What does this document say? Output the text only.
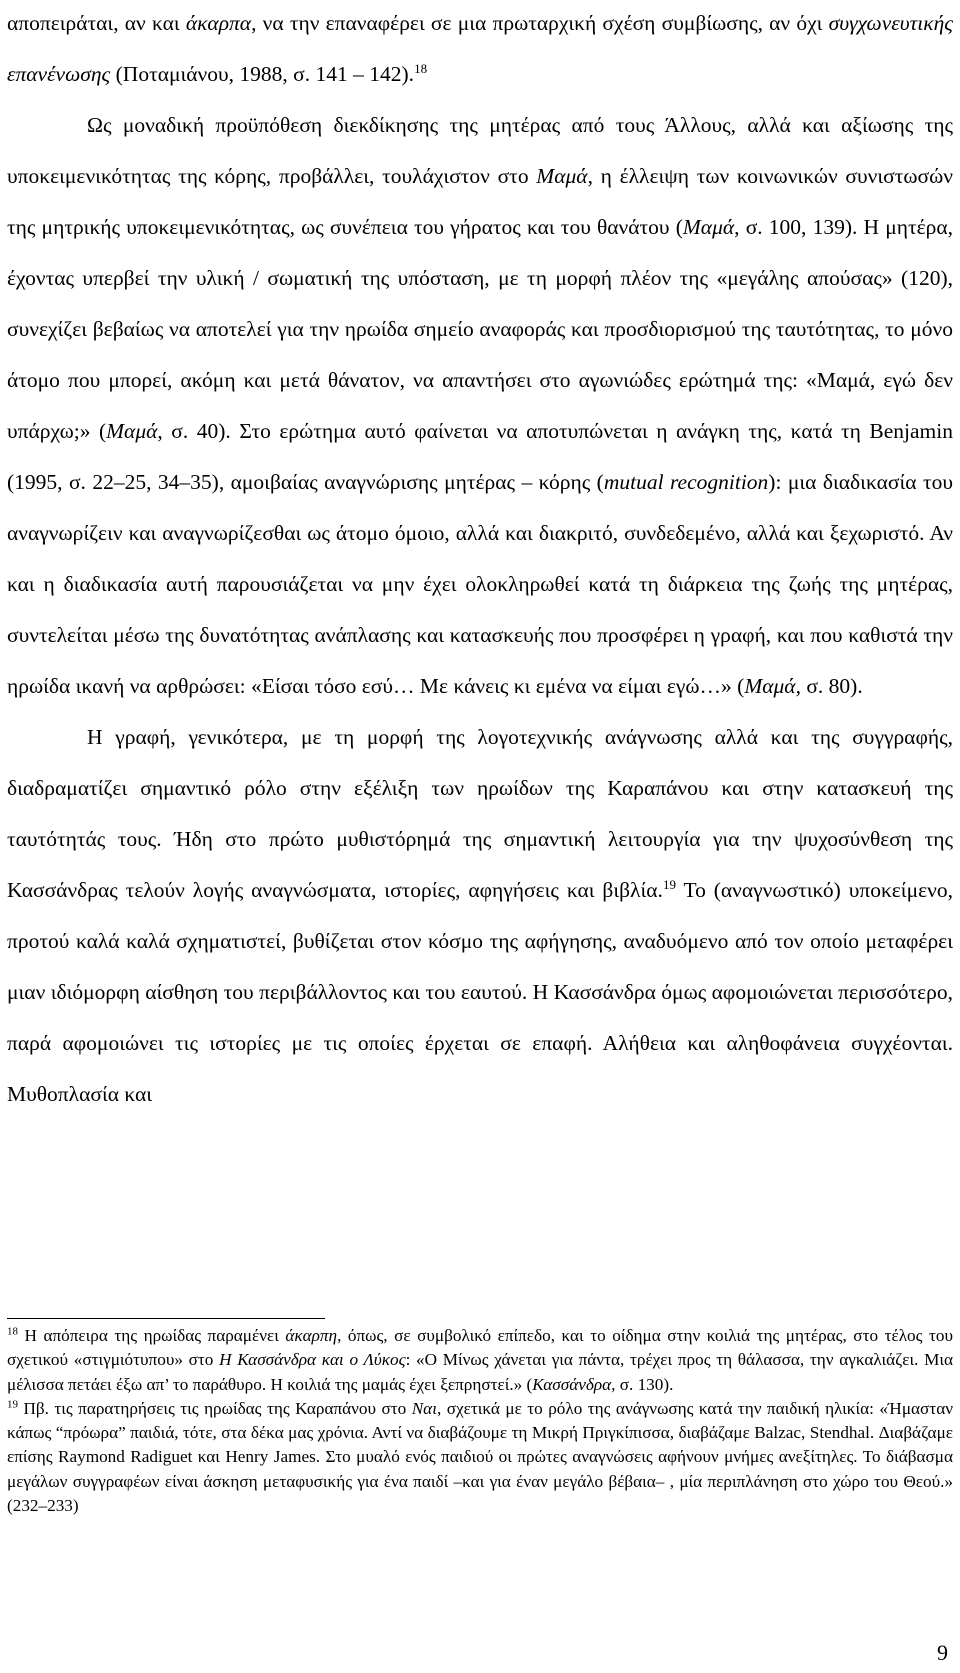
αποπειράται, αν και άκαρπα, να την επαναφέρει σε μια πρωταρχική σχέση συμβίωσης, αν όχι συγχωνευτικής επανένωσης (Ποταμιάνου, 1988, σ. 141 – 142).$^{18}$

Ως μοναδική προϋπόθεση διεκδίκησης της μητέρας από τους Άλλους, αλλά και αξίωσης της υποκειμενικότητας της κόρης, προβάλλει, τουλάχιστον στο Μαμά, η έλλειψη των κοινωνικών συνιστωσών της μητρικής υποκειμενικότητας, ως συνέπεια του γήρατος και του θανάτου (Μαμά, σ. 100, 139). Η μητέρα, έχοντας υπερβεί την υλική / σωματική της υπόσταση, με τη μορφή πλέον της «μεγάλης απούσας» (120), συνεχίζει βεβαίως να αποτελεί για την ηρωίδα σημείο αναφοράς και προσδιορισμού της ταυτότητας, το μόνο άτομο που μπορεί, ακόμη και μετά θάνατον, να απαντήσει στο αγωνιώδες ερώτημά της: «Μαμά, εγώ δεν υπάρχω;» (Μαμά, σ. 40). Στο ερώτημα αυτό φαίνεται να αποτυπώνεται η ανάγκη της, κατά τη Benjamin (1995, σ. 22–25, 34–35), αμοιβαίας αναγνώρισης μητέρας – κόρης (mutual recognition): μια διαδικασία του αναγνωρίζειν και αναγνωρίζεσθαι ως άτομο όμοιο, αλλά και διακριτό, συνδεδεμένο, αλλά και ξεχωριστό. Αν και η διαδικασία αυτή παρουσιάζεται να μην έχει ολοκληρωθεί κατά τη διάρκεια της ζωής της μητέρας, συντελείται μέσω της δυνατότητας ανάπλασης και κατασκευής που προσφέρει η γραφή, και που καθιστά την ηρωίδα ικανή να αρθρώσει: «Είσαι τόσο εσύ… Με κάνεις κι εμένα να είμαι εγώ…» (Μαμά, σ. 80).

Η γραφή, γενικότερα, με τη μορφή της λογοτεχνικής ανάγνωσης αλλά και της συγγραφής, διαδραματίζει σημαντικό ρόλο στην εξέλιξη των ηρωίδων της Καραπάνου και στην κατασκευή της ταυτότητάς τους. Ήδη στο πρώτο μυθιστόρημά της σημαντική λειτουργία για την ψυχοσύνθεση της Κασσάνδρας τελούν λογής αναγνώσματα, ιστορίες, αφηγήσεις και βιβλία.$^{19}$ Το (αναγνωστικό) υποκείμενο, προτού καλά καλά σχηματιστεί, βυθίζεται στον κόσμο της αφήγησης, αναδυόμενο από τον οποίο μεταφέρει μιαν ιδιόμορφη αίσθηση του περιβάλλοντος και του εαυτού. Η Κασσάνδρα όμως αφομοιώνεται περισσότερο, παρά αφομοιώνει τις ιστορίες με τις οποίες έρχεται σε επαφή. Αλήθεια και αληθοφάνεια συγχέονται. Μυθοπλασία και

$^{18}$ Η απόπειρα της ηρωίδας παραμένει άκαρπη, όπως, σε συμβολικό επίπεδο, και το οίδημα στην κοιλιά της μητέρας, στο τέλος του σχετικού «στιγμιότυπου» στο Η Κασσάνδρα και ο Λύκος: «Ο Μίνως χάνεται για πάντα, τρέχει προς τη θάλασσα, την αγκαλιάζει. Μια μέλισσα πετάει έξω απ’ το παράθυρο. Η κοιλιά της μαμάς έχει ξεπρηστεί.» (Κασσάνδρα, σ. 130).

$^{19}$ Πβ. τις παρατηρήσεις τις ηρωίδας της Καραπάνου στο Ναι, σχετικά με το ρόλο της ανάγνωσης κατά την παιδική ηλικία: «Ήμασταν κάπως “πρόωρα” παιδιά, τότε, στα δέκα μας χρόνια. Αντί να διαβάζουμε τη Μικρή Πριγκίπισσα, διαβάζαμε Balzac, Stendhal. Διαβάζαμε επίσης Raymond Radiguet και Henry James. Στο μυαλό ενός παιδιού οι πρώτες αναγνώσεις αφήνουν μνήμες ανεξίτηλες. Το διάβασμα μεγάλων συγγραφέων είναι άσκηση μεταφυσικής για ένα παιδί –και για έναν μεγάλο βέβαια– , μία περιπλάνηση στο χώρο του Θεού.» (232–233)

9
